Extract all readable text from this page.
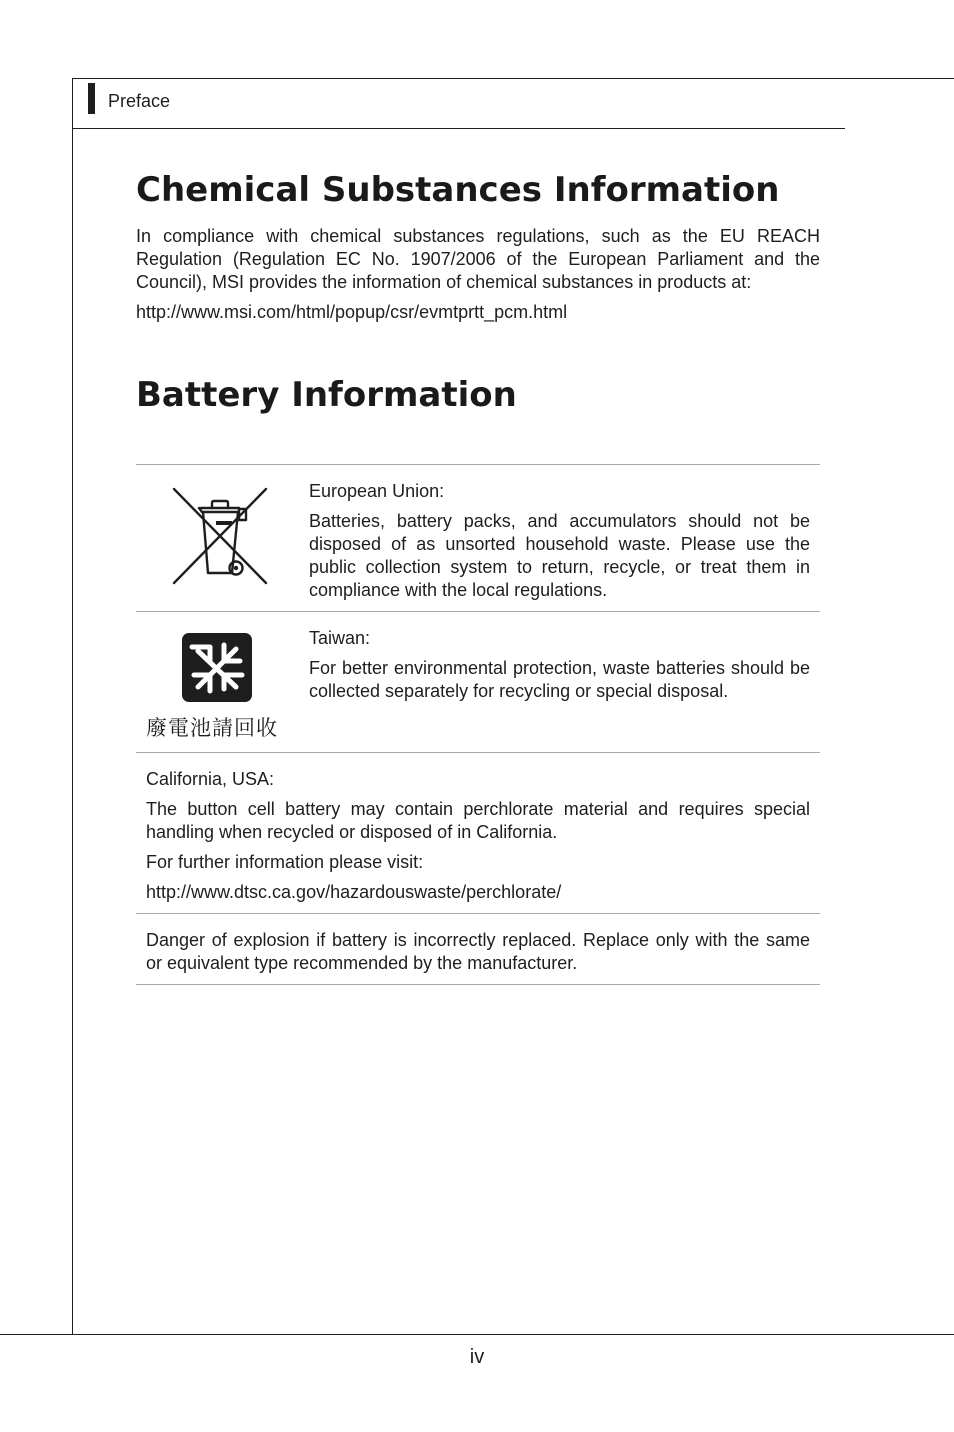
Preface
Chemical Substances Information

In compliance with chemical substances regulations, such as the EU REACH Regulation (Regulation EC No. 1907/2006 of the European Parliament and the Council), MSI provides the information of chemical substances in products at:

http://www.msi.com/html/popup/csr/evmtprtt_pcm.html

Battery Information
European Union:

Batteries, battery packs, and accumulators should not be disposed of as unsorted household waste. Please use the public collection system to return, recycle, or treat them in compliance with the local regulations.

廢電池請回收
Taiwan:

For better environmental protection, waste batteries should be collected separately for recycling or special disposal.

California, USA:

The button cell battery may contain perchlorate material and requires special handling when recycled or disposed of in California.

For further information please visit:
http://www.dtsc.ca.gov/hazardouswaste/perchlorate/

Danger of explosion if battery is incorrectly replaced. Replace only with the same or equivalent type recommended by the manufacturer.

iv
